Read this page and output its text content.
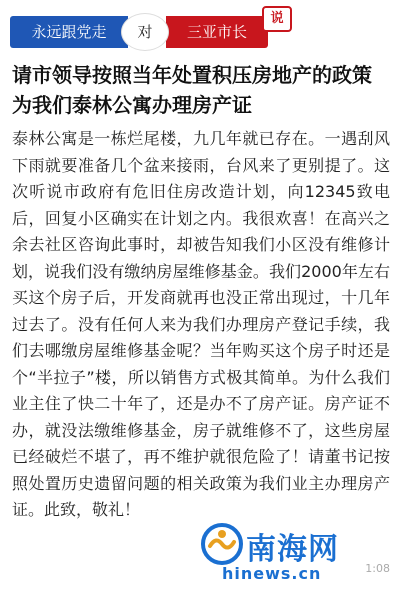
永远跟党走	三亚市长
对
说
请市领导按照当年处置积压房地产的政策为我们泰林公寓办理房产证
泰林公寓是一栋烂尾楼，九几年就已存在。一遇刮风下雨就要准备几个盆来接雨，台风来了更别提了。这次听说市政府有危旧住房改造计划，向12345致电后，回复小区确实在计划之内。我很欢喜！在高兴之余去社区咨询此事时，却被告知我们小区没有维修计划，说我们没有缴纳房屋维修基金。我们2000年左右买这个房子后，开发商就再也没正常出现过，十几年过去了。没有任何人来为我们办理房产登记手续，我们去哪缴房屋维修基金呢？当年购买这个房子时还是个“半拉子”楼，所以销售方式极其简单。为什么我们业主住了快二十年了，还是办不了房产证。房产证不办，就没法缴维修基金，房子就维修不了，这些房屋已经破烂不堪了，再不维护就很危险了！请董书记按照处置历史遗留问题的相关政策为我们业主办理房产证。此致，敬礼！
南海网
hinews.cn	1:08
